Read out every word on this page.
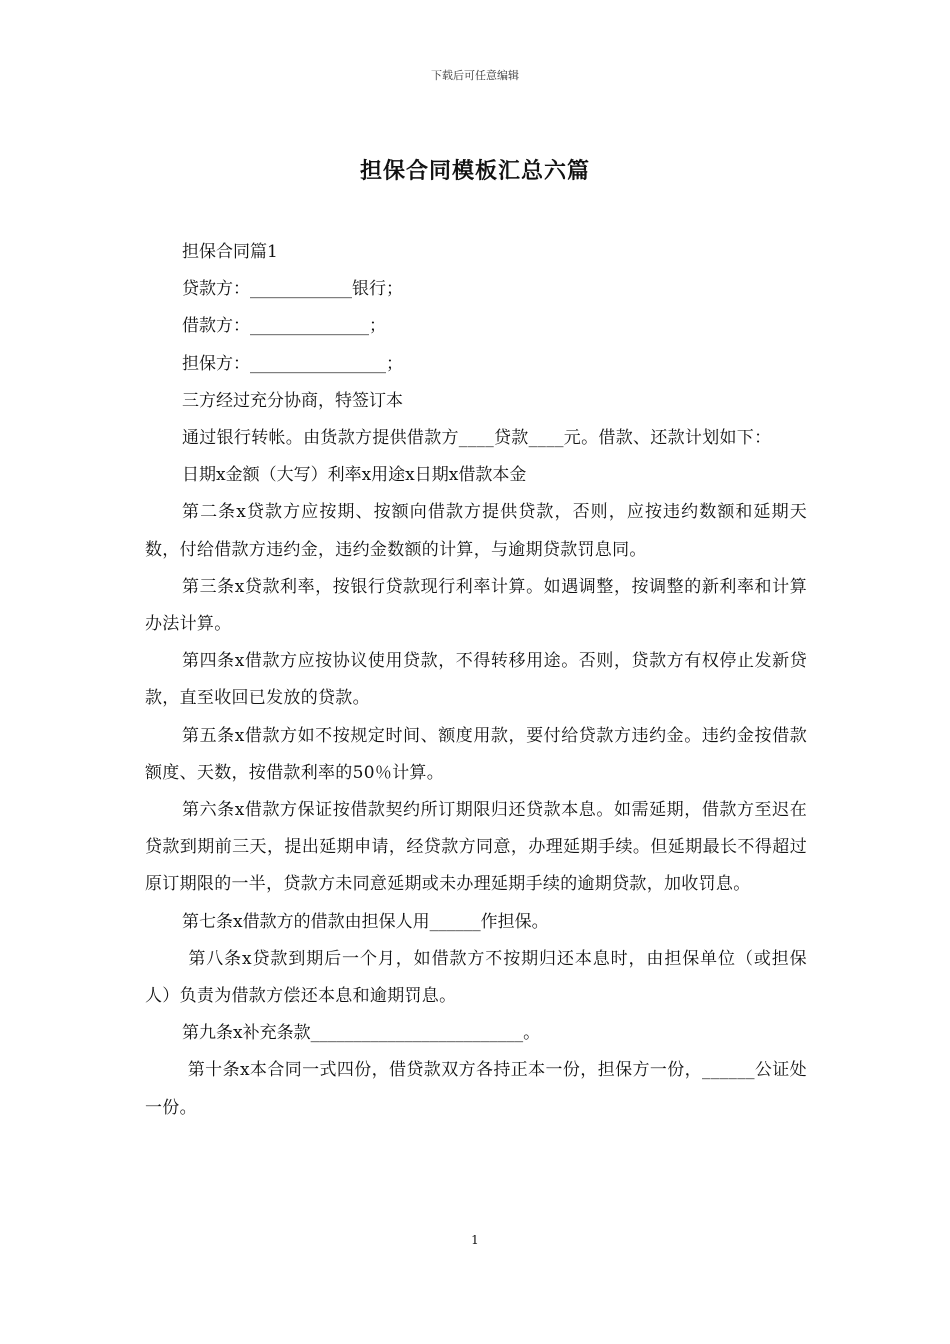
下载后可任意编辑
担保合同模板汇总六篇

担保合同篇1

贷款方：____________银行；

借款方：______________；

担保方：________________；

三方经过充分协商，特签订本

通过银行转帐。由货款方提供借款方____贷款____元。借款、还款计划如下：

日期x金额（大写）利率x用途x日期x借款本金

第二条x贷款方应按期、按额向借款方提供贷款，否则，应按违约数额和延期天数，付给借款方违约金，违约金数额的计算，与逾期贷款罚息同。

第三条x贷款利率，按银行贷款现行利率计算。如遇调整，按调整的新利率和计算办法计算。

第四条x借款方应按协议使用贷款，不得转移用途。否则，贷款方有权停止发新贷款，直至收回已发放的贷款。

第五条x借款方如不按规定时间、额度用款，要付给贷款方违约金。违约金按借款额度、天数，按借款利率的50％计算。

第六条x借款方保证按借款契约所订期限归还贷款本息。如需延期，借款方至迟在贷款到期前三天，提出延期申请，经贷款方同意，办理延期手续。但延期最长不得超过原订期限的一半，贷款方未同意延期或未办理延期手续的逾期贷款，加收罚息。

第七条x借款方的借款由担保人用______作担保。

第八条x贷款到期后一个月，如借款方不按期归还本息时，由担保单位（或担保人）负责为借款方偿还本息和逾期罚息。

第九条x补充条款_________________________。

第十条x本合同一式四份，借贷款双方各持正本一份，担保方一份，______公证处一份。

1
